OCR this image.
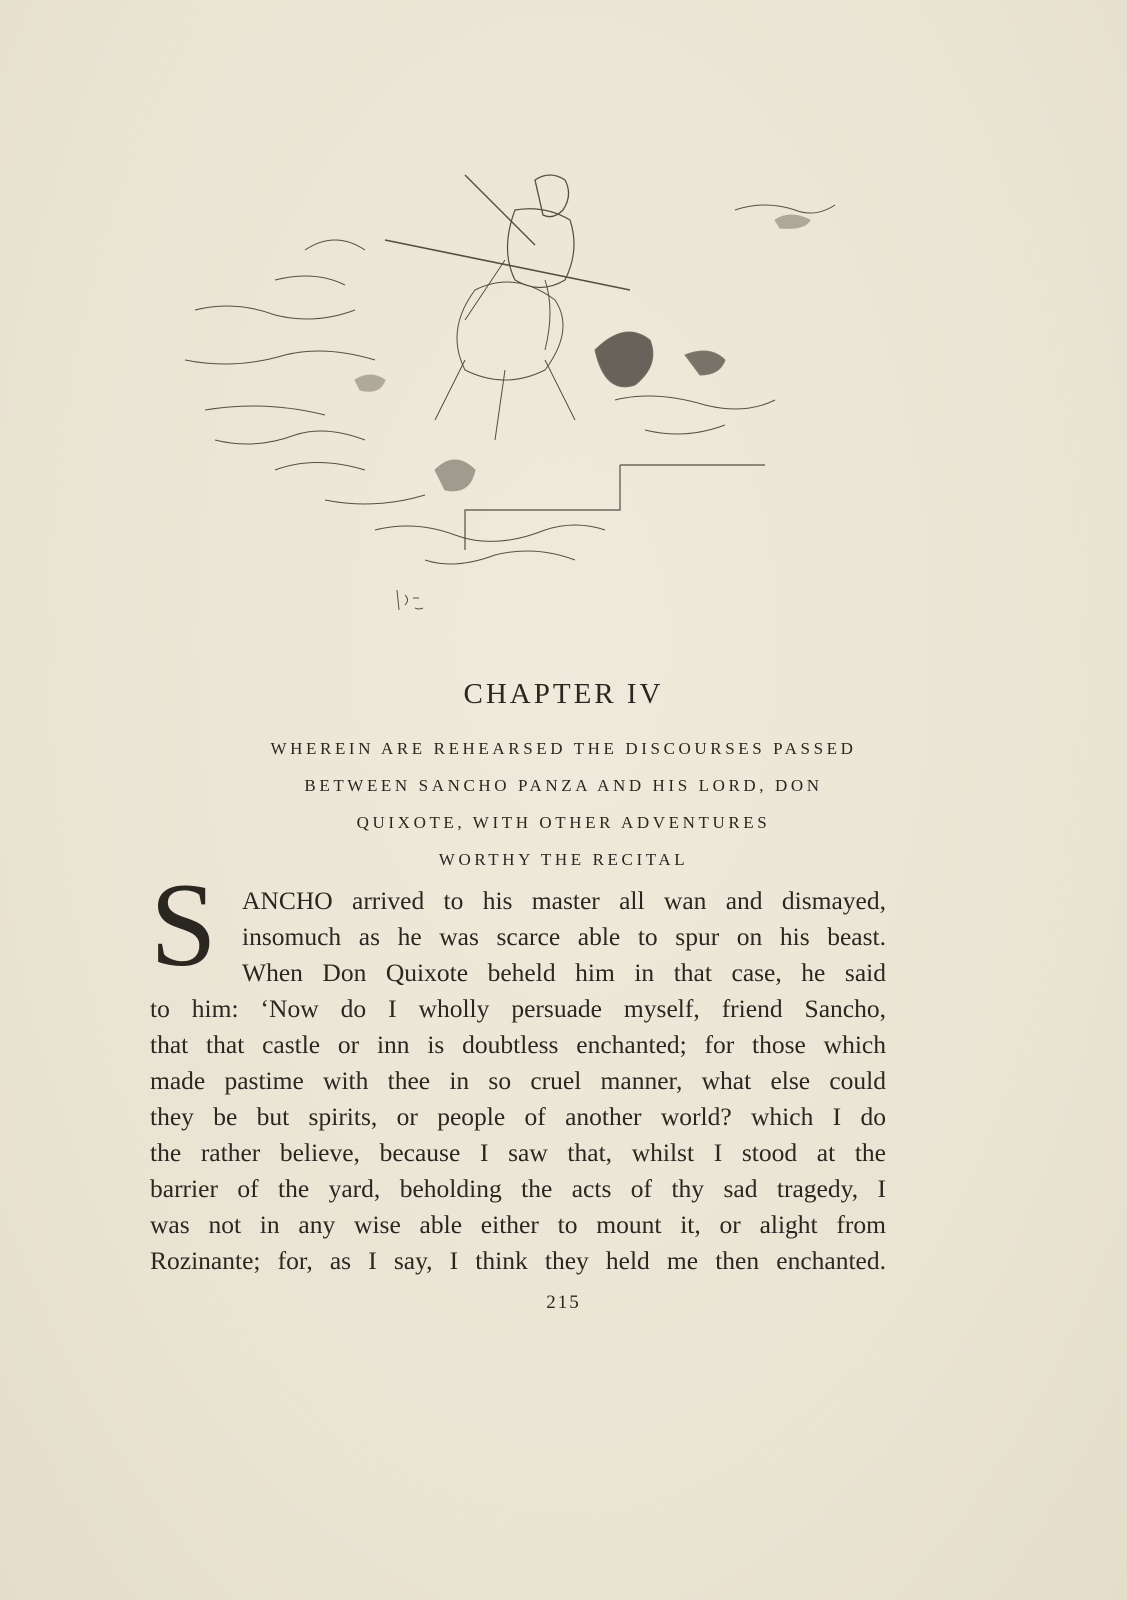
CHAPTER IV
WHEREIN ARE REHEARSED THE DISCOURSES PASSED
BETWEEN SANCHO PANZA AND HIS LORD, DON
QUIXOTE, WITH OTHER ADVENTURES
WORTHY THE RECITAL
S ANCHO arrived to his master all wan and dismayed,
insomuch as he was scarce able to spur on his beast.
When Don Quixote beheld him in that case, he said
to him: ‘Now do I wholly persuade myself, friend Sancho,
that that castle or inn is doubtless enchanted; for those which
made pastime with thee in so cruel manner, what else could
they be but spirits, or people of another world? which I do
the rather believe, because I saw that, whilst I stood at the
barrier of the yard, beholding the acts of thy sad tragedy, I
was not in any wise able either to mount it, or alight from
Rozinante; for, as I say, I think they held me then enchanted.
215
